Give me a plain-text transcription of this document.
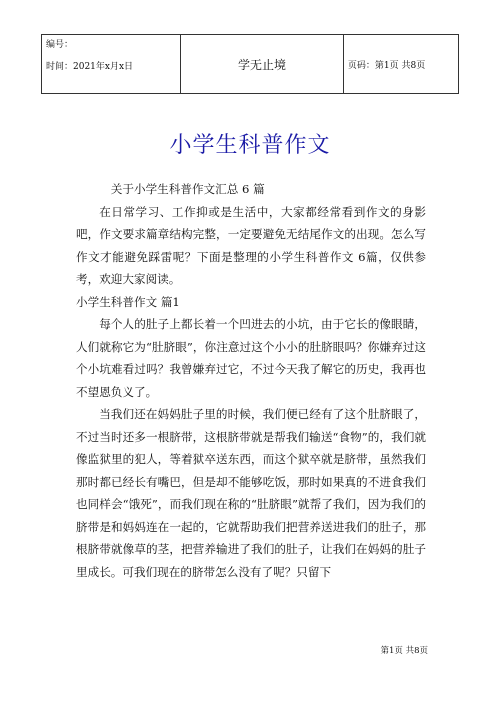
编号：
时间：2021年x月x日	学无止境	页码：第1页 共8页
小学生科普作文

关于小学生科普作文汇总 6 篇

在日常学习、工作抑或是生活中，大家都经常看到作文的身影吧，作文要求篇章结构完整，一定要避免无结尾作文的出现。怎么写作文才能避免踩雷呢？下面是整理的小学生科普作文 6篇，仅供参考，欢迎大家阅读。

小学生科普作文 篇1

每个人的肚子上都长着一个凹进去的小坑，由于它长的像眼睛，人们就称它为“肚脐眼”，你注意过这个小小的肚脐眼吗？你嫌弃过这个小坑难看过吗？我曾嫌弃过它，不过今天我了解它的历史，我再也不望恩负义了。

当我们还在妈妈肚子里的时候，我们便已经有了这个肚脐眼了，不过当时还多一根脐带，这根脐带就是帮我们输送“食物”的，我们就像监狱里的犯人，等着狱卒送东西，而这个狱卒就是脐带，虽然我们那时都已经长有嘴巴，但是却不能够吃饭，那时如果真的不进食我们也同样会“饿死”，而我们现在称的“肚脐眼”就帮了我们，因为我们的脐带是和妈妈连在一起的，它就帮助我们把营养送进我们的肚子，那根脐带就像草的茎，把营养输进了我们的肚子，让我们在妈妈的肚子里成长。可我们现在的脐带怎么没有了呢？只留下

第1页 共8页
